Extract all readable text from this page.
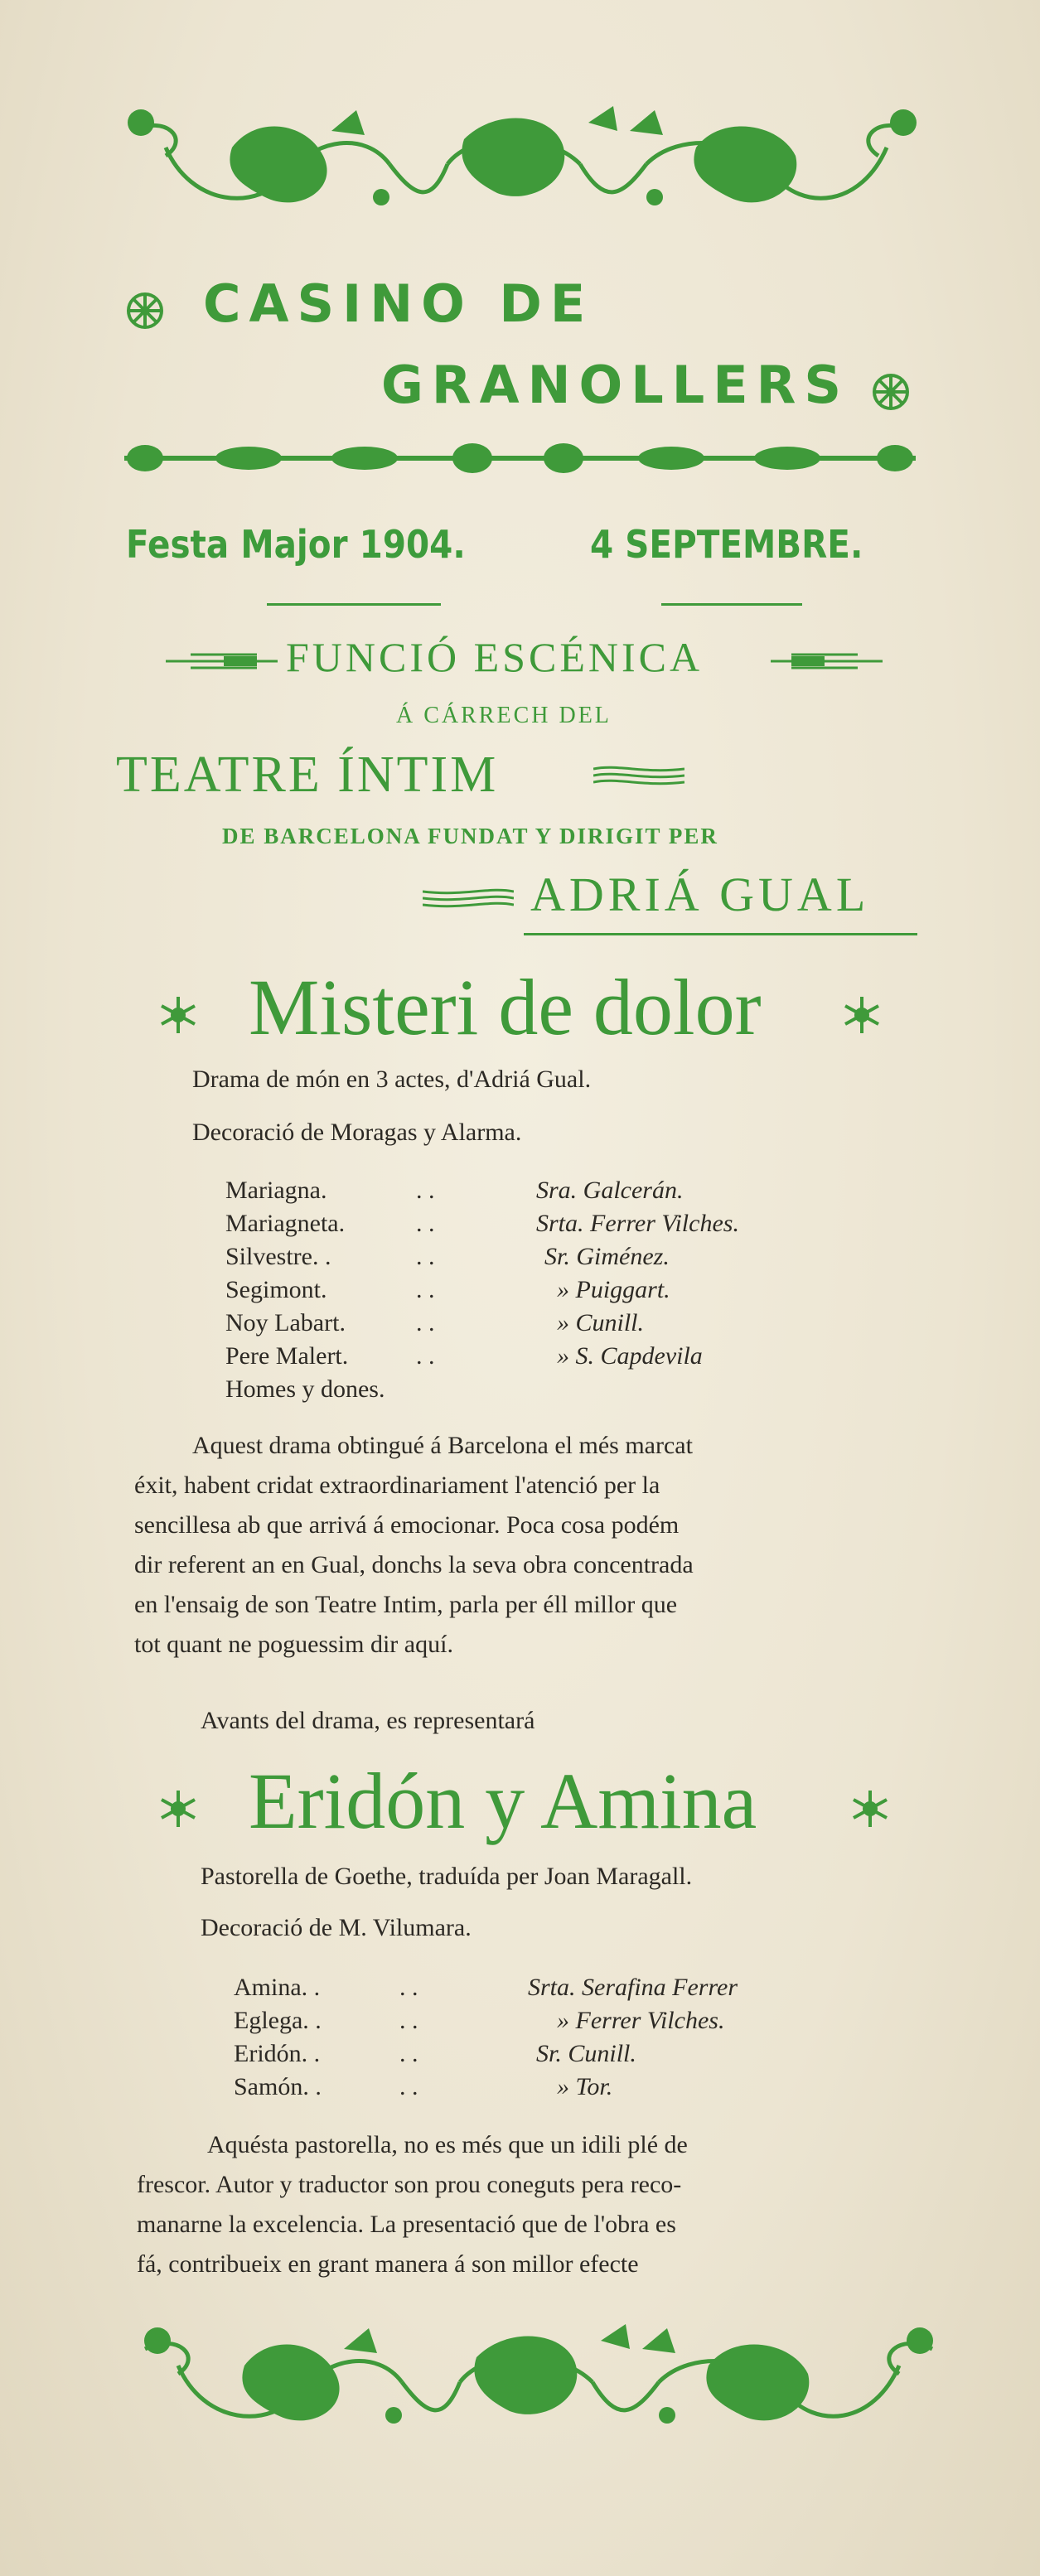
CASINO DE
GRANOLLERS
Festa Major 1904.	4 SEPTEMBRE.
FUNCIÓ ESCÉNICA
Á CÁRRECH DEL
TEATRE ÍNTIM
DE BARCELONA FUNDAT Y DIRIGIT PER
ADRIÁ GUAL
Misteri de dolor
Drama de món en 3 actes, d'Adriá Gual.
Decoració de Moragas y Alarma.
Mariagna.	. .	Sra. Galcerán.
Mariagneta.	. .	Srta. Ferrer Vilches.
Silvestre. .	. .	Sr. Giménez.
Segimont.	. .	» Puiggart.
Noy Labart.	. .	» Cunill.
Pere Malert.	. .	» S. Capdevila
Homes y dones.
Aquest drama obtingué á Barcelona el més marcat
éxit, habent cridat extraordinariament l'atenció per la
sencillesa ab que arrivá á emocionar. Poca cosa podém
dir referent an en Gual, donchs la seva obra concentrada
en l'ensaig de son Teatre Intim, parla per éll millor que
tot quant ne poguessim dir aquí.
Avants del drama, es representará
Eridón y Amina
Pastorella de Goethe, traduída per Joan Maragall.
Decoració de M. Vilumara.
Amina. .	. .	Srta. Serafina Ferrer
Eglega. .	. .	» Ferrer Vilches.
Eridón. .	. .	Sr. Cunill.
Samón. .	. .	» Tor.
Aquésta pastorella, no es més que un idili plé de
frescor. Autor y traductor son prou coneguts pera reco-
manarne la excelencia. La presentació que de l'obra es
fá, contribueix en grant manera á son millor efecte
